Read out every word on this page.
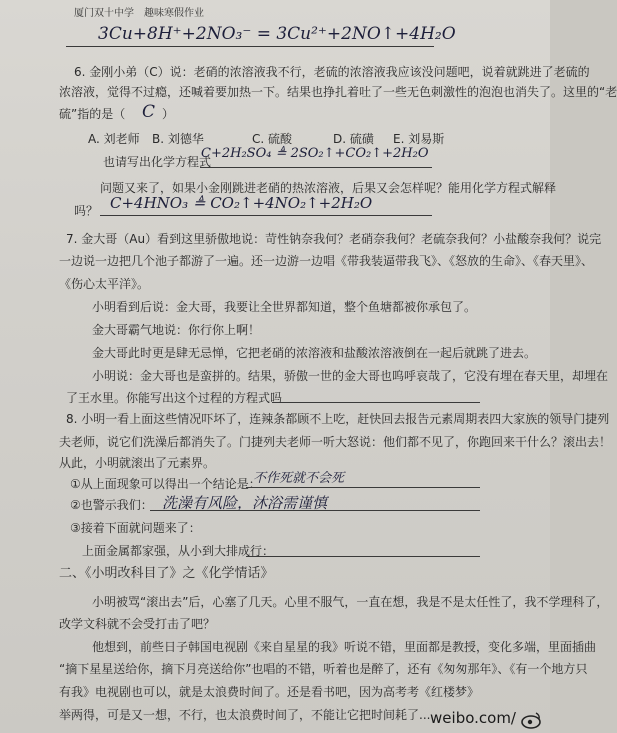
厦门双十中学　趣味寒假作业
3Cu+8H⁺+2NO₃⁻ = 3Cu²⁺+2NO↑+4H₂O
6. 金刚小弟（C）说：老硝的浓溶液我不行，老硫的浓溶液我应该没问题吧，说着就跳进了老硫的
浓溶液，觉得不过瘾，还喊着要加热一下。结果也挣扎着吐了一些无色刺激性的泡泡也消失了。这里的“老
硫”指的是（ C ）
A. 刘老师 B. 刘德华	C. 硫酸	D. 硫磺 E. 刘易斯
也请写出化学方程式
C+2H₂SO₄ ≜ 2SO₂↑+CO₂↑+2H₂O
问题又来了，如果小金刚跳进老硝的热浓溶液，后果又会怎样呢？能用化学方程式解释
吗？ C+4HNO₃ ≜ CO₂↑+4NO₂↑+2H₂O
7. 金大哥（Au）看到这里骄傲地说：苛性钠奈我何？老硝奈我何？老硫奈我何？小盐酸奈我何？说完
一边说一边把几个池子都游了一遍。还一边游一边唱《带我装逼带我飞》、《怒放的生命》、《春天里》、
《伤心太平洋》。
小明看到后说：金大哥，我要让全世界都知道，整个鱼塘都被你承包了。
金大哥霸气地说：你行你上啊！
金大哥此时更是肆无忌惮，它把老硝的浓溶液和盐酸浓溶液倒在一起后就跳了进去。
小明说：金大哥也是蛮拼的。结果，骄傲一世的金大哥也呜呼哀哉了，它没有埋在春天里，却埋在
了王水里。你能写出这个过程的方程式吗
8. 小明一看上面这些情况吓坏了，连辣条都顾不上吃，赶快回去报告元素周期表四大家族的领导门捷列
夫老师，说它们洗澡后都消失了。门捷列夫老师一听大怒说：他们都不见了，你跑回来干什么？滚出去！
从此，小明就滚出了元素界。
①从上面现象可以得出一个结论是：
不作死就不会死
②也警示我们： 洗澡有风险，沐浴需谨慎
③接着下面就问题来了：
上面金属都家强，从小到大排成行：
二、《小明改科目了》之《化学情话》
小明被骂“滚出去”后，心塞了几天。心里不服气，一直在想，我是不是太任性了，我不学理科了，
改学文科就不会受打击了吧？
他想到，前些日子韩国电视剧《来自星星的我》听说不错，里面都是教授，变化多端，里面插曲
“摘下星星送给你，摘下月亮送给你”也唱的不错，听着也是醉了，还有《匆匆那年》、《有一个地方只
有我》电视剧也可以，就是太浪费时间了。还是看书吧，因为高考考《红楼梦》
举两得，可是又一想，不行，也太浪费时间了，不能让它把时间耗了... weibo.com/
